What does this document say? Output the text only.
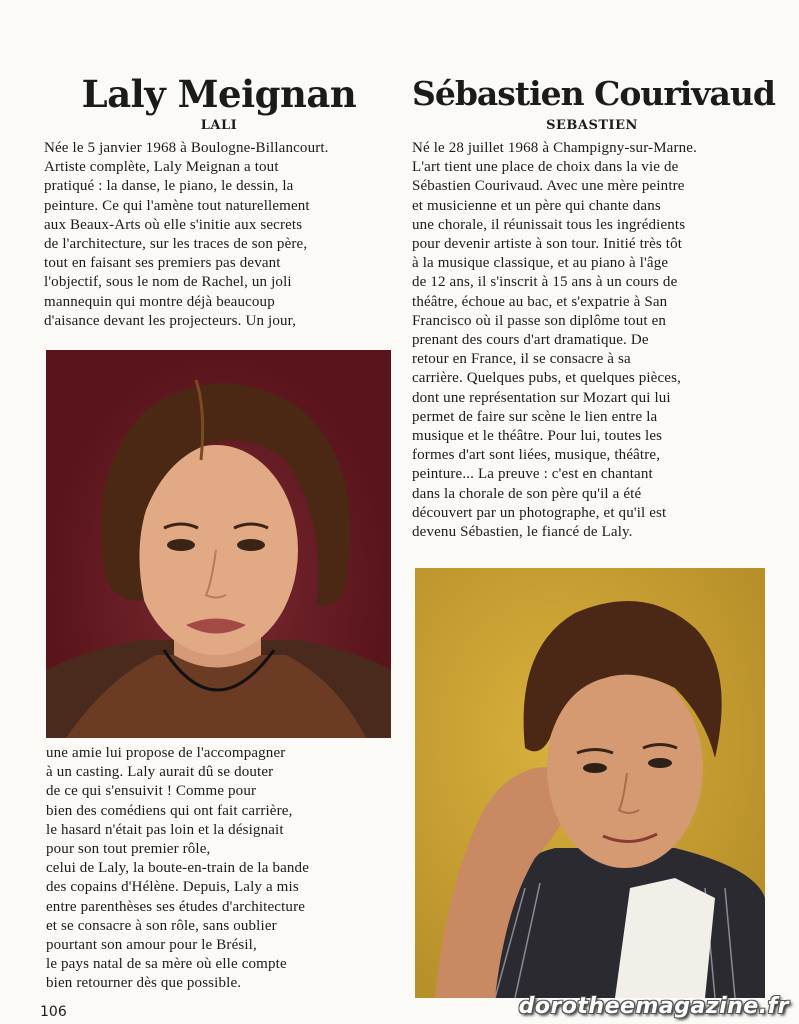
Laly Meignan
LALI

Née le 5 janvier 1968 à Boulogne-Billancourt.
Artiste complète, Laly Meignan a tout
pratiqué : la danse, le piano, le dessin, la
peinture. Ce qui l'amène tout naturellement
aux Beaux-Arts où elle s'initie aux secrets
de l'architecture, sur les traces de son père,
tout en faisant ses premiers pas devant
l'objectif, sous le nom de Rachel, un joli
mannequin qui montre déjà beaucoup
d'aisance devant les projecteurs. Un jour,

une amie lui propose de l'accompagner
à un casting. Laly aurait dû se douter
de ce qui s'ensuivit ! Comme pour
bien des comédiens qui ont fait carrière,
le hasard n'était pas loin et la désignait
pour son tout premier rôle,
celui de Laly, la boute-en-train de la bande
des copains d'Hélène. Depuis, Laly a mis
entre parenthèses ses études d'architecture
et se consacre à son rôle, sans oublier
pourtant son amour pour le Brésil,
le pays natal de sa mère où elle compte
bien retourner dès que possible.

Sébastien Courivaud
SEBASTIEN

Né le 28 juillet 1968 à Champigny-sur-Marne.
L'art tient une place de choix dans la vie de
Sébastien Courivaud. Avec une mère peintre
et musicienne et un père qui chante dans
une chorale, il réunissait tous les ingrédients
pour devenir artiste à son tour. Initié très tôt
à la musique classique, et au piano à l'âge
de 12 ans, il s'inscrit à 15 ans à un cours de
théâtre, échoue au bac, et s'expatrie à San
Francisco où il passe son diplôme tout en
prenant des cours d'art dramatique. De
retour en France, il se consacre à sa
carrière. Quelques pubs, et quelques pièces,
dont une représentation sur Mozart qui lui
permet de faire sur scène le lien entre la
musique et le théâtre. Pour lui, toutes les
formes d'art sont liées, musique, théâtre,
peinture... La preuve : c'est en chantant
dans la chorale de son père qu'il a été
découvert par un photographe, et qu'il est
devenu Sébastien, le fiancé de Laly.

106	dorotheemagazine.fr
